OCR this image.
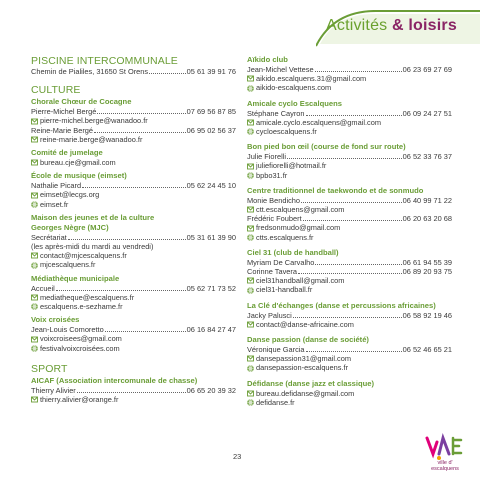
Activités & loisirs
PISCINE INTERCOMMUNALE
Chemin de Pialiles, 31650 St Orens	05 61 39 91 76
CULTURE
Chorale Chœur de Cocagne
Pierre-Michel Bergé	07 69 56 87 85
pierre-michel.berge@wanadoo.fr
Reine-Marie Bergé	06 95 02 56 37
reine-marie.berge@wanadoo.fr
Comité de jumelage
bureau.cje@gmail.com
École de musique (eimset)
Nathalie Picard	05 62 24 45 10
eimset@lecgs.org
eimset.fr
Maison des jeunes et de la culture
Georges Nègre (MJC)
Secrétariat	05 31 61 39 90
(les après-midi du mardi au vendredi)
contact@mjcescalquens.fr
mjcescalquens.fr
Médiathèque municipale
Accueil	05 62 71 73 52
mediatheque@escalquens.fr
escalquens.e-sezhame.fr
Voix croisées
Jean-Louis Comoretto	06 16 84 27 47
voixcroisees@gmail.com
festivalvoixcroisées.com
SPORT
AICAF (Association intercomunale de chasse)
Thierry Alivier	06 65 20 39 32
thierry.alivier@orange.fr
Aïkido club
Jean-Michel Vettese	06 23 69 27 69
aikido.escalquens.31@gmail.com
aikido-escalquens.com
Amicale cyclo Escalquens
Stéphane Cayron	06 09 24 27 51
amicale.cyclo.escalquens@gmail.com
cycloescalquens.fr
Bon pied bon œil (course de fond sur route)
Julie Fiorelli	06 52 33 76 37
juliefiorelli@hotmail.fr
bpbo31.fr
Centre traditionnel de taekwondo et de sonmudo
Monie Bendicho	06 40 99 71 22
ctt.escalquens@gmail.com
Frédéric Foubert	06 20 63 20 68
fredsonmudo@gmail.com
ctts.escalquens.fr
Ciel 31 (club de handball)
Myriam De Carvalho	06 61 94 55 39
Corinne Tavera	06 89 20 93 75
ciel31handball@gmail.com
ciel31-handball.fr
La Clé d'échanges (danse et percussions africaines)
Jacky Palusci	06 58 92 19 46
contact@danse-africaine.com
Danse passion (danse de société)
Véronique Garcia	06 52 46 65 21
dansepassion31@gmail.com
dansepassion-escalquens.fr
Défidanse (danse jazz et classique)
bureau.defidanse@gmail.com
defidanse.fr
23
ville d'
escalquens
